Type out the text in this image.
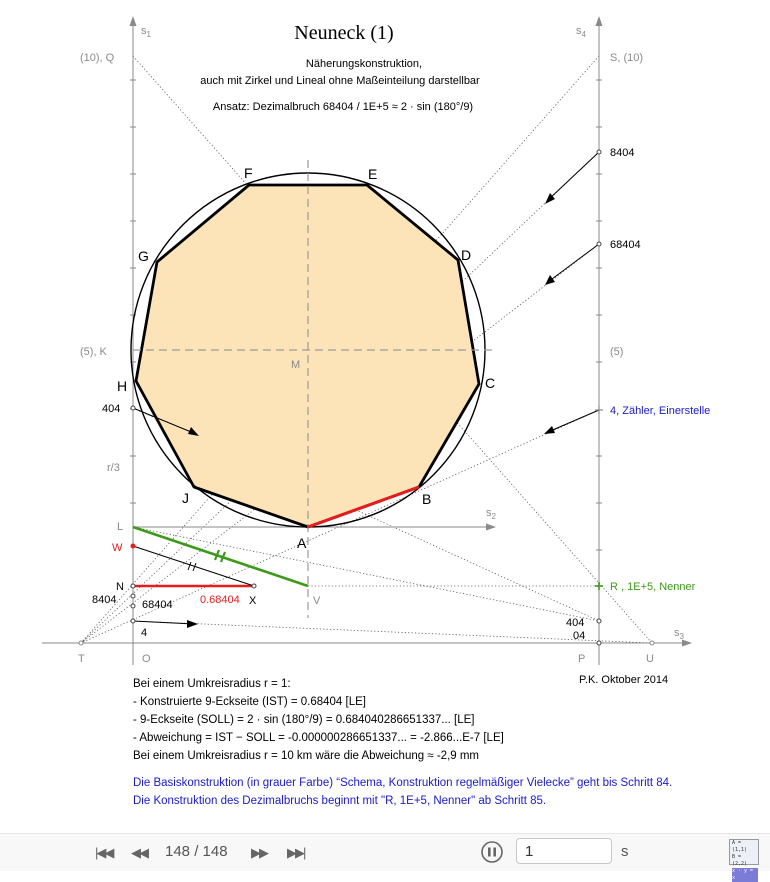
Neuneck (1)
Näherungskonstruktion,
auch mit Zirkel und Lineal ohne Maßeinteilung darstellbar
Ansatz: Dezimalbruch 68404 / 1E+5 ≈ 2 · sin (180°/9)
$s_1$	$s_4$
$s_2$
$s_3$
(10), Q
(5), K
r/3
404
L
W
N
8404 68404
4
T	O
S, (10)
8404
68404
(5)
4, Zähler, Einerstelle
R , 1E+5, Nenner
404
04
P	U
V
A
B
C
D
E
F
G
H
J
M
X
0.68404
P.K. Oktober 2014
Bei einem Umkreisradius r = 1:
- Konstruierte 9-Eckseite (IST) = 0.68404 [LE]
- 9-Eckseite (SOLL) = 2 · sin (180°/9) = 0.684040286651337... [LE]
- Abweichung = IST − SOLL = -0.000000286651337... = -2.866...E-7 [LE]
Bei einem Umkreisradius r = 10 km wäre die Abweichung ≈ -2,9 mm
Die Basiskonstruktion (in grauer Farbe) “Schema, Konstruktion regelmäßiger Vielecke” geht bis Schritt 84.
Die Konstruktion des Dezimalbruchs beginnt mit "R, 1E+5, Nenner" ab Schritt 85.
|◀◀ ◀◀ 148 / 148 ▶▶ ▶▶|
1	s	A = (1,1)
B = (2,2)
x · y = x
